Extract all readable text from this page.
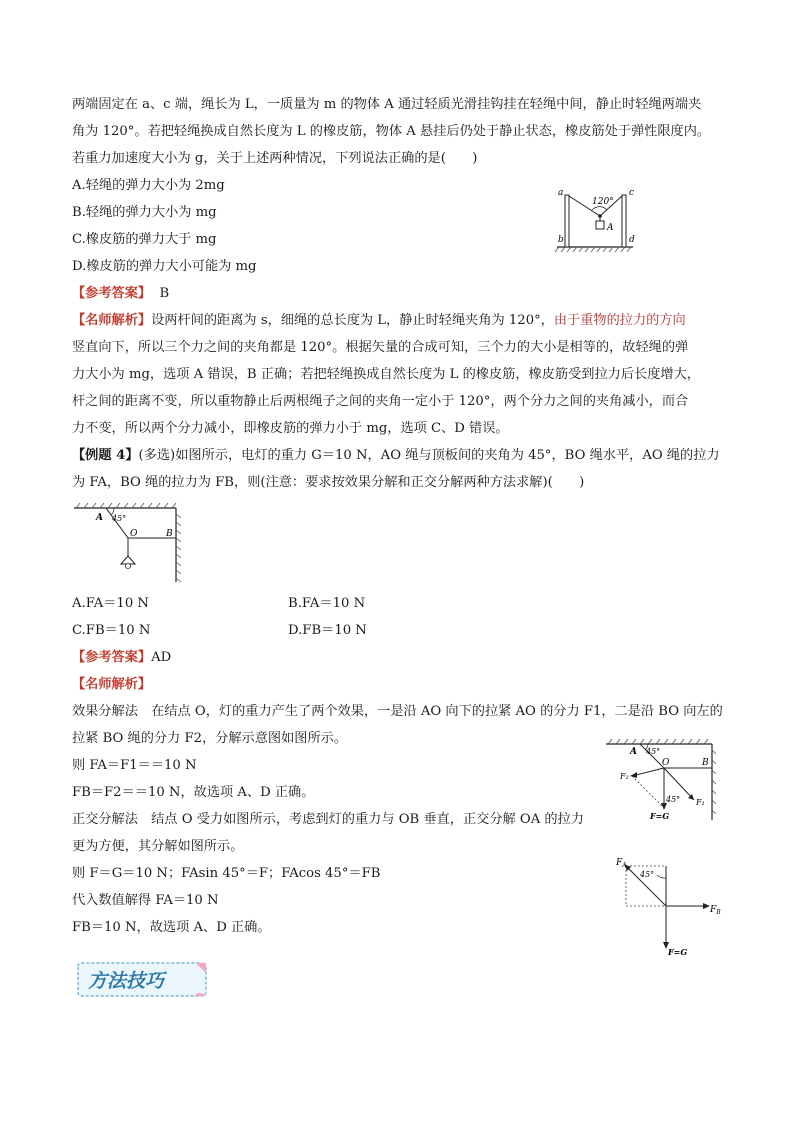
两端固定在 a、c 端，绳长为 L，一质量为 m 的物体 A 通过轻质光滑挂钩挂在轻绳中间，静止时轻绳两端夹
角为 120°。若把轻绳换成自然长度为 L 的橡皮筋，物体 A 悬挂后仍处于静止状态，橡皮筋处于弹性限度内。
若重力加速度大小为 g，关于上述两种情况，下列说法正确的是(　　)
A.轻绳的弹力大小为 2mg
B.轻绳的弹力大小为 mg
C.橡皮筋的弹力大于 mg
D.橡皮筋的弹力大小可能为 mg
a
b
c
d
120°
A
【参考答案】 B
【名师解析】设两杆间的距离为 s，细绳的总长度为 L，静止时轻绳夹角为 120°，由于重物的拉力的方向
竖直向下，所以三个力之间的夹角都是 120°。根据矢量的合成可知，三个力的大小是相等的，故轻绳的弹
力大小为 mg，选项 A 错误，B 正确；若把轻绳换成自然长度为 L 的橡皮筋，橡皮筋受到拉力后长度增大，
杆之间的距离不变，所以重物静止后两根绳子之间的夹角一定小于 120°，两个分力之间的夹角减小，而合
力不变，所以两个分力减小，即橡皮筋的弹力小于 mg，选项 C、D 错误。
【例题 4】(多选)如图所示，电灯的重力 G＝10 N，AO 绳与顶板间的夹角为 45°，BO 绳水平，AO 绳的拉力
为 FA，BO 绳的拉力为 FB，则(注意：要求按效果分解和正交分解两种方法求解)(　　)
A 45°
O	B
A.FA＝10 N	B.FA＝10 N
C.FB＝10 N	D.FB＝10 N
【参考答案】AD
【名师解析】
效果分解法　在结点 O，灯的重力产生了两个效果，一是沿 AO 向下的拉紧 AO 的分力 F1，二是沿 BO 向左的
拉紧 BO 绳的分力 F2，分解示意图如图所示。
则 FA＝F1＝＝10 N
FB＝F2＝＝10 N，故选项 A、D 正确。
正交分解法　结点 O 受力如图所示，考虑到灯的重力与 OB 垂直，正交分解 OA 的拉力
更为方便，其分解如图所示。
则 F＝G＝10 N；FAsin 45°＝F；FAcos 45°＝FB
代入数值解得 FA＝10 N
FB＝10 N，故选项 A、D 正确。
A 45°
O	B
F₂
45° F₁
F=G
$F_A$
45°
$F_B$
F=G
方法技巧
